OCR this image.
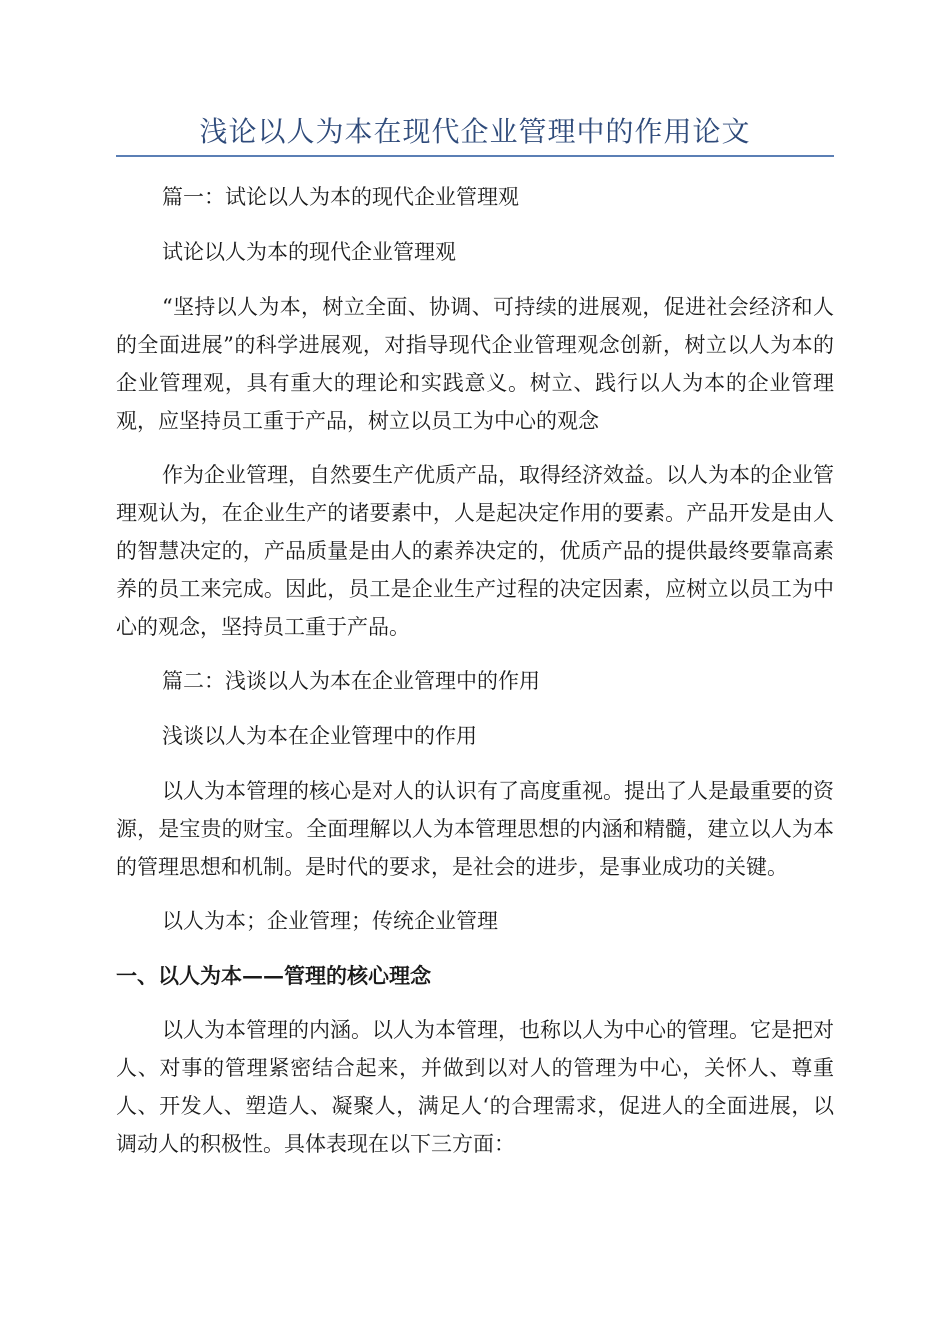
浅论以人为本在现代企业管理中的作用论文

篇一：试论以人为本的现代企业管理观

试论以人为本的现代企业管理观

“坚持以人为本，树立全面、协调、可持续的进展观，促进社会经济和人的全面进展”的科学进展观，对指导现代企业管理观念创新，树立以人为本的企业管理观，具有重大的理论和实践意义。树立、践行以人为本的企业管理观，应坚持员工重于产品，树立以员工为中心的观念

作为企业管理，自然要生产优质产品，取得经济效益。以人为本的企业管理观认为，在企业生产的诸要素中，人是起决定作用的要素。产品开发是由人的智慧决定的，产品质量是由人的素养决定的，优质产品的提供最终要靠高素养的员工来完成。因此，员工是企业生产过程的决定因素，应树立以员工为中心的观念，坚持员工重于产品。

篇二：浅谈以人为本在企业管理中的作用

浅谈以人为本在企业管理中的作用

以人为本管理的核心是对人的认识有了高度重视。提出了人是最重要的资源，是宝贵的财宝。全面理解以人为本管理思想的内涵和精髓，建立以人为本的管理思想和机制。是时代的要求，是社会的进步，是事业成功的关键。

以人为本；企业管理；传统企业管理

一、以人为本——管理的核心理念

以人为本管理的内涵。以人为本管理，也称以人为中心的管理。它是把对人、对事的管理紧密结合起来，并做到以对人的管理为中心，关怀人、尊重人、开发人、塑造人、凝聚人，满足人‘的合理需求，促进人的全面进展，以调动人的积极性。具体表现在以下三方面：
